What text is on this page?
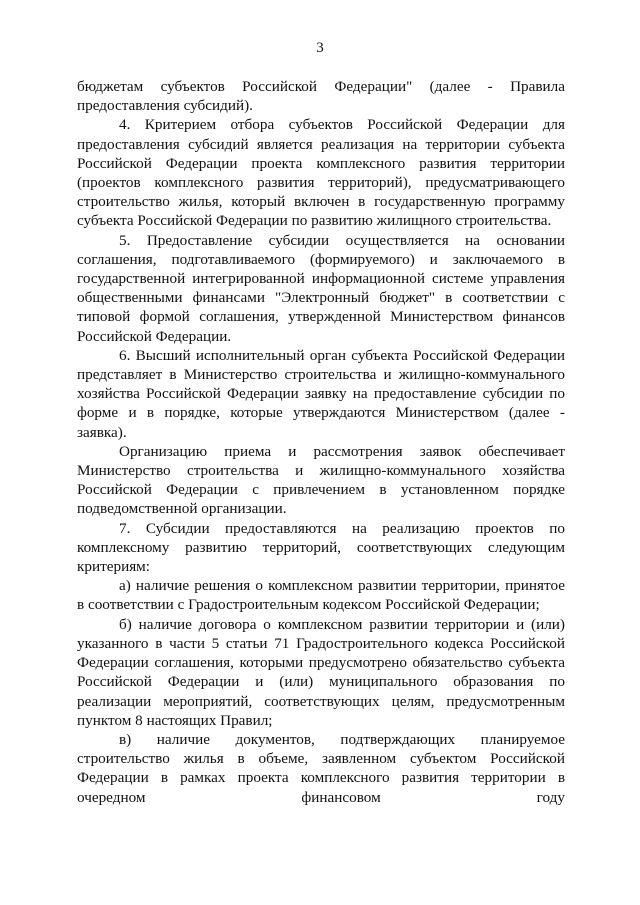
3

бюджетам субъектов Российской Федерации" (далее - Правила предоставления субсидий).

4. Критерием отбора субъектов Российской Федерации для предоставления субсидий является реализация на территории субъекта Российской Федерации проекта комплексного развития территории (проектов комплексного развития территорий), предусматривающего строительство жилья, который включен в государственную программу субъекта Российской Федерации по развитию жилищного строительства.

5. Предоставление субсидии осуществляется на основании соглашения, подготавливаемого (формируемого) и заключаемого в государственной интегрированной информационной системе управления общественными финансами "Электронный бюджет" в соответствии с типовой формой соглашения, утвержденной Министерством финансов Российской Федерации.

6. Высший исполнительный орган субъекта Российской Федерации представляет в Министерство строительства и жилищно-коммунального хозяйства Российской Федерации заявку на предоставление субсидии по форме и в порядке, которые утверждаются Министерством (далее - заявка).

Организацию приема и рассмотрения заявок обеспечивает Министерство строительства и жилищно-коммунального хозяйства Российской Федерации с привлечением в установленном порядке подведомственной организации.

7. Субсидии предоставляются на реализацию проектов по комплексному развитию территорий, соответствующих следующим критериям:

а) наличие решения о комплексном развитии территории, принятое в соответствии с Градостроительным кодексом Российской Федерации;

б) наличие договора о комплексном развитии территории и (или) указанного в части 5 статьи 71 Градостроительного кодекса Российской Федерации соглашения, которыми предусмотрено обязательство субъекта Российской Федерации и (или) муниципального образования по реализации мероприятий, соответствующих целям, предусмотренным пунктом 8 настоящих Правил;

в) наличие документов, подтверждающих планируемое строительство жилья в объеме, заявленном субъектом Российской Федерации в рамках проекта комплексного развития территории в очередном финансовом году
